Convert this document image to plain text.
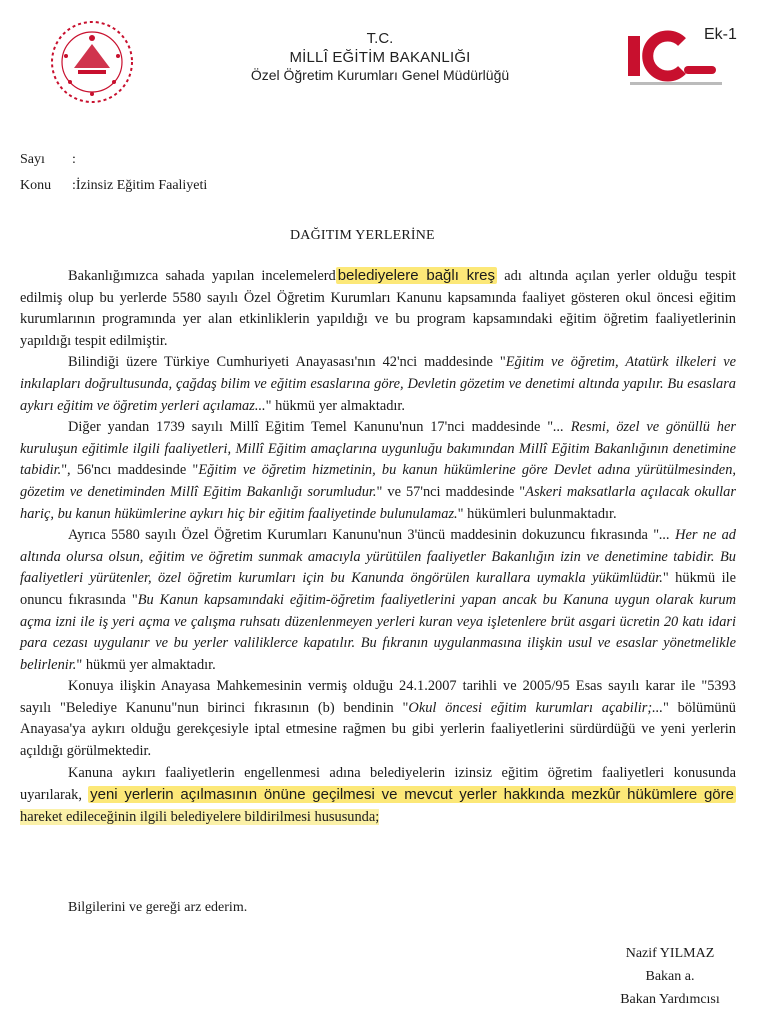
Ek-1
T.C.
MİLLÎ EĞİTİM BAKANLIĞI
Özel Öğretim Kurumları Genel Müdürlüğü
Sayı :
Konu :İzinsiz Eğitim Faaliyeti
DAĞITIM YERLERİNE

Bakanlığımızca sahada yapılan incelemelerd belediyelere bağlı kreş adı altında açılan yerler olduğu tespit edilmiş olup bu yerlerde 5580 sayılı Özel Öğretim Kurumları Kanunu kapsamında faaliyet gösteren okul öncesi eğitim kurumlarının programında yer alan etkinliklerin yapıldığı ve bu program kapsamındaki eğitim öğretim faaliyetlerinin yapıldığı tespit edilmiştir.

Bilindiği üzere Türkiye Cumhuriyeti Anayasası'nın 42'nci maddesinde "Eğitim ve öğretim, Atatürk ilkeleri ve inkılapları doğrultusunda, çağdaş bilim ve eğitim esaslarına göre, Devletin gözetim ve denetimi altında yapılır. Bu esaslara aykırı eğitim ve öğretim yerleri açılamaz..." hükmü yer almaktadır.

Diğer yandan 1739 sayılı Millî Eğitim Temel Kanunu'nun 17'nci maddesinde "... Resmi, özel ve gönüllü her kuruluşun eğitimle ilgili faaliyetleri, Millî Eğitim amaçlarına uygunluğu bakımından Millî Eğitim Bakanlığının denetimine tabidir.", 56'ncı maddesinde "Eğitim ve öğretim hizmetinin, bu kanun hükümlerine göre Devlet adına yürütülmesinden, gözetim ve denetiminden Millî Eğitim Bakanlığı sorumludur." ve 57'nci maddesinde "Askeri maksatlarla açılacak okullar hariç, bu kanun hükümlerine aykırı hiç bir eğitim faaliyetinde bulunulamaz." hükümleri bulunmaktadır.

Ayrıca 5580 sayılı Özel Öğretim Kurumları Kanunu'nun 3'üncü maddesinin dokuzuncu fıkrasında "... Her ne ad altında olursa olsun, eğitim ve öğretim sunmak amacıyla yürütülen faaliyetler Bakanlığın izin ve denetimine tabidir. Bu faaliyetleri yürütenler, özel öğretim kurumları için bu Kanunda öngörülen kurallara uymakla yükümlüdür." hükmü ile onuncu fıkrasında "Bu Kanun kapsamındaki eğitim-öğretim faaliyetlerini yapan ancak bu Kanuna uygun olarak kurum açma izni ile iş yeri açma ve çalışma ruhsatı düzenlenmeyen yerleri kuran veya işletenlere brüt asgari ücretin 20 katı idari para cezası uygulanır ve bu yerler valiliklerce kapatılır. Bu fıkranın uygulanmasına ilişkin usul ve esaslar yönetmelikle belirlenir." hükmü yer almaktadır.

Konuya ilişkin Anayasa Mahkemesinin vermiş olduğu 24.1.2007 tarihli ve 2005/95 Esas sayılı karar ile "5393 sayılı "Belediye Kanunu"nun birinci fıkrasının (b) bendinin "Okul öncesi eğitim kurumları açabilir;..." bölümünü Anayasa'ya aykırı olduğu gerekçesiyle iptal etmesine rağmen bu gibi yerlerin faaliyetlerini sürdürdüğü ve yeni yerlerin açıldığı görülmektedir.

Kanuna aykırı faaliyetlerin engellenmesi adına belediyelerin izinsiz eğitim öğretim faaliyetleri konusunda uyarılarak, yeni yerlerin açılmasının önüne geçilmesi ve mevcut yerler hakkında mezkûr hükümlere göre hareket edileceğinin ilgili belediyelere bildirilmesi hususunda;

Bilgilerini ve gereği arz ederim.
Nazif YILMAZ
Bakan a.
Bakan Yardımcısı
